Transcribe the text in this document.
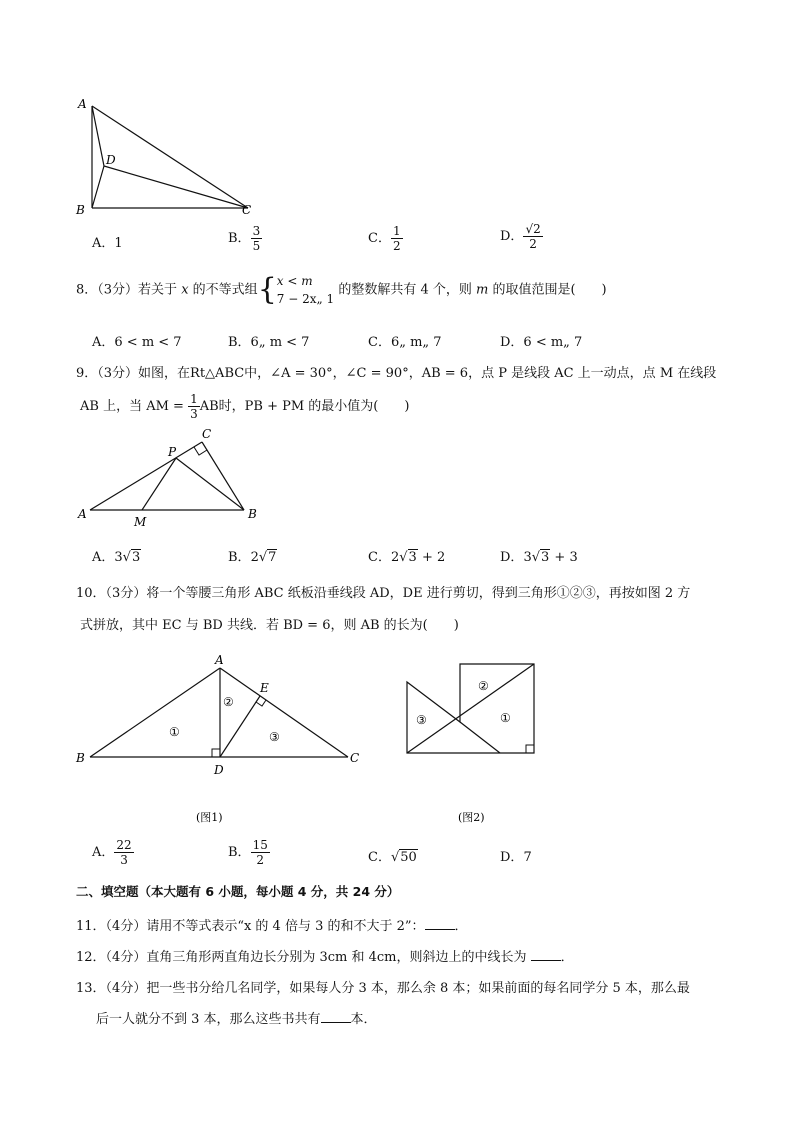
A
B	C
D
A．1	B． $\frac{3}{5}$	C． $\frac{1}{2}$	D． $\frac{√2}{2}$
8．（3分）若关于 x 的不等式组{ x < m
7 − 2x„ 1
的整数解共有 4 个，则 m 的取值范围是(　　)
A．6 < m < 7	B．6„ m < 7	C．6„ m„ 7	D．6 < m„ 7
9．（3分）如图，在Rt△ABC中，∠A = 30°，∠C = 90°，AB = 6，点 P 是线段 AC 上一动点，点 M 在线段
AB 上，当 AM = $\frac{1}{3}$ AB时，PB + PM 的最小值为(　　)
A	B
C
P
M
A．3√3	B．2√7	C．2√3 + 2	D．3√3 + 3
10．（3分）将一个等腰三角形 ABC 纸板沿垂线段 AD，DE 进行剪切，得到三角形①②③，再按如图 2 方
式拼放，其中 EC 与 BD 共线．若 BD = 6，则 AB 的长为(　　)
A
B	C
D
E
①
②
③
(图1)
③
②
①
(图2)
A． $\frac{22}{3}$	B． $\frac{15}{2}$	C．√50	D．7
二、填空题（本大题有 6 小题，每小题 4 分，共 24 分）
11．（4分）请用不等式表示“x 的 4 倍与 3 的和不大于 2”： ．
12．（4分）直角三角形两直角边长分别为 3cm 和 4cm，则斜边上的中线长为	．
13．（4分）把一些书分给几名同学，如果每人分 3 本，那么余 8 本；如果前面的每名同学分 5 本，那么最
后一人就分不到 3 本，那么这些书共有 本．
